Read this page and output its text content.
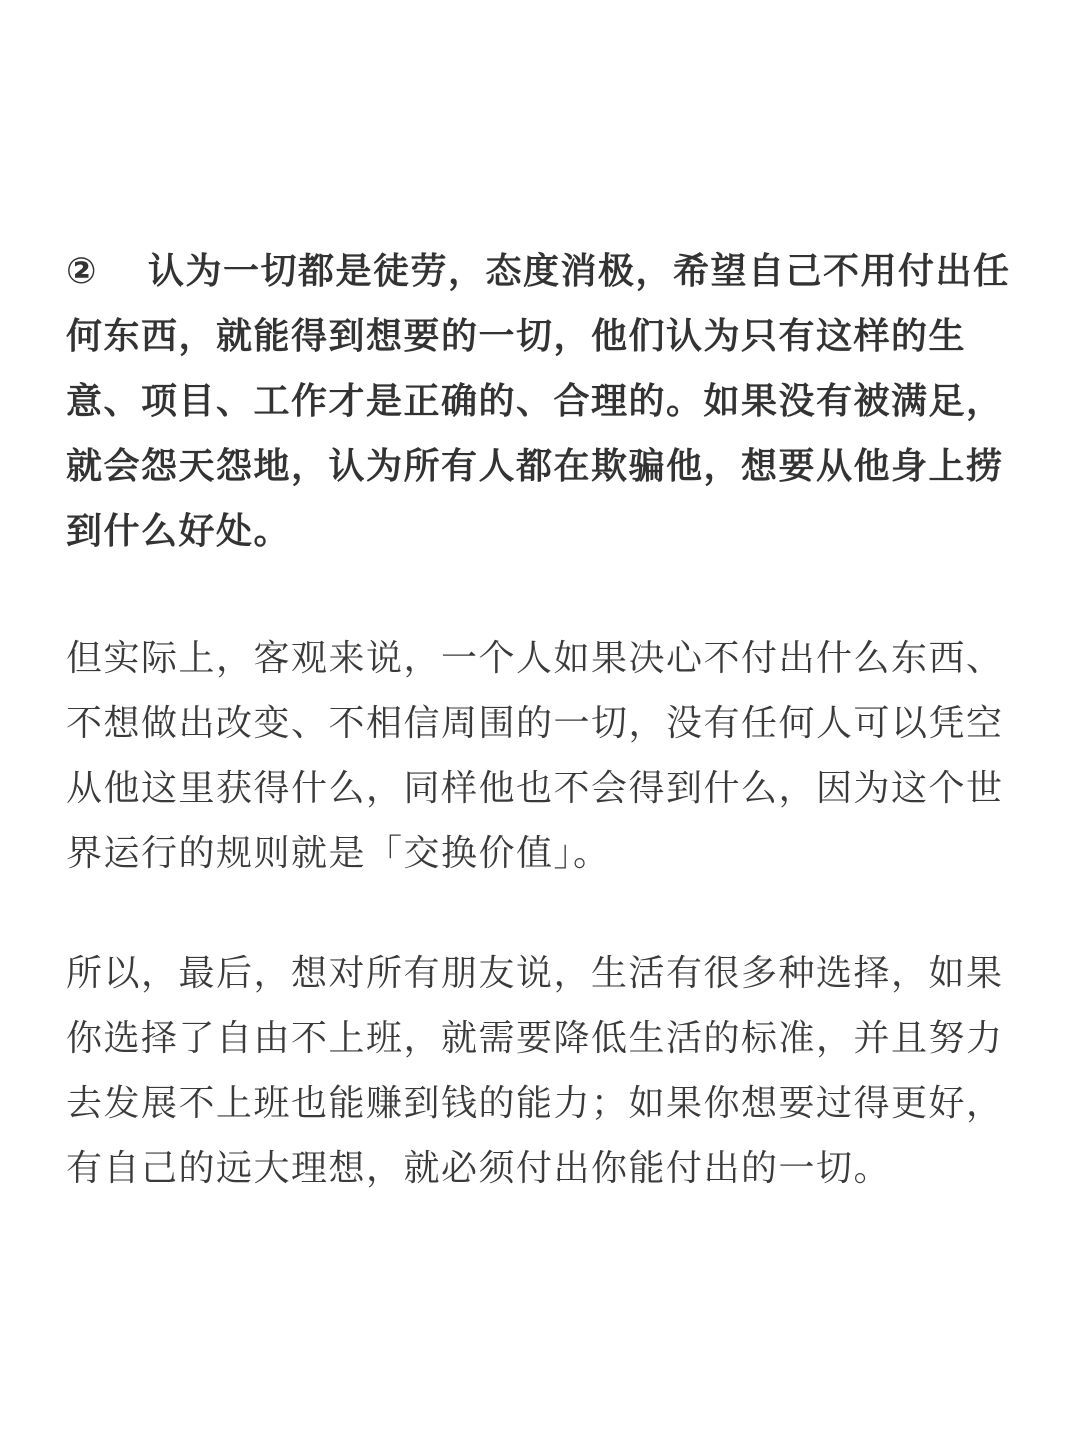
② 认为一切都是徒劳，态度消极，希望自己不用付出任
何东西，就能得到想要的一切，他们认为只有这样的生
意、项目、工作才是正确的、合理的。如果没有被满足，
就会怨天怨地，认为所有人都在欺骗他，想要从他身上捞
到什么好处。
但实际上，客观来说，一个人如果决心不付出什么东西、
不想做出改变、不相信周围的一切，没有任何人可以凭空
从他这里获得什么，同样他也不会得到什么，因为这个世
界运行的规则就是「交换价值」。
所以，最后，想对所有朋友说，生活有很多种选择，如果
你选择了自由不上班，就需要降低生活的标准，并且努力
去发展不上班也能赚到钱的能力；如果你想要过得更好，
有自己的远大理想，就必须付出你能付出的一切。
